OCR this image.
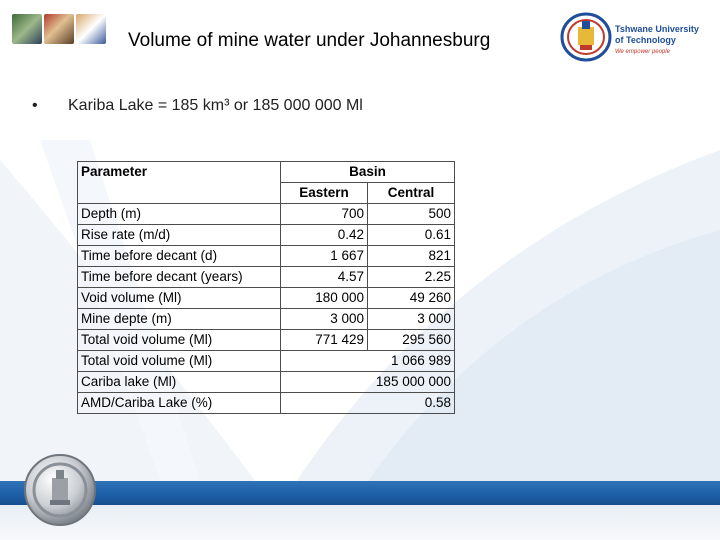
Volume of mine water under Johannesburg
Tshwane University
of Technology
We empower people
• Kariba Lake = 185 km³ or 185 000 000 Ml
Parameter	Basin	
	Eastern	Central
Depth (m)	700	500
Rise rate (m/d)	0.42	0.61
Time before decant (d)	1 667	821
Time before decant (years)	4.57	2.25
Void volume (Ml)	180 000	49 260
Mine depte (m)	3 000	3 000
Total void volume (Ml)	771 429	295 560
Total void volume (Ml)	1 066 989	
Cariba lake (Ml)	185 000 000	
AMD/Cariba Lake (%)	0.58	
